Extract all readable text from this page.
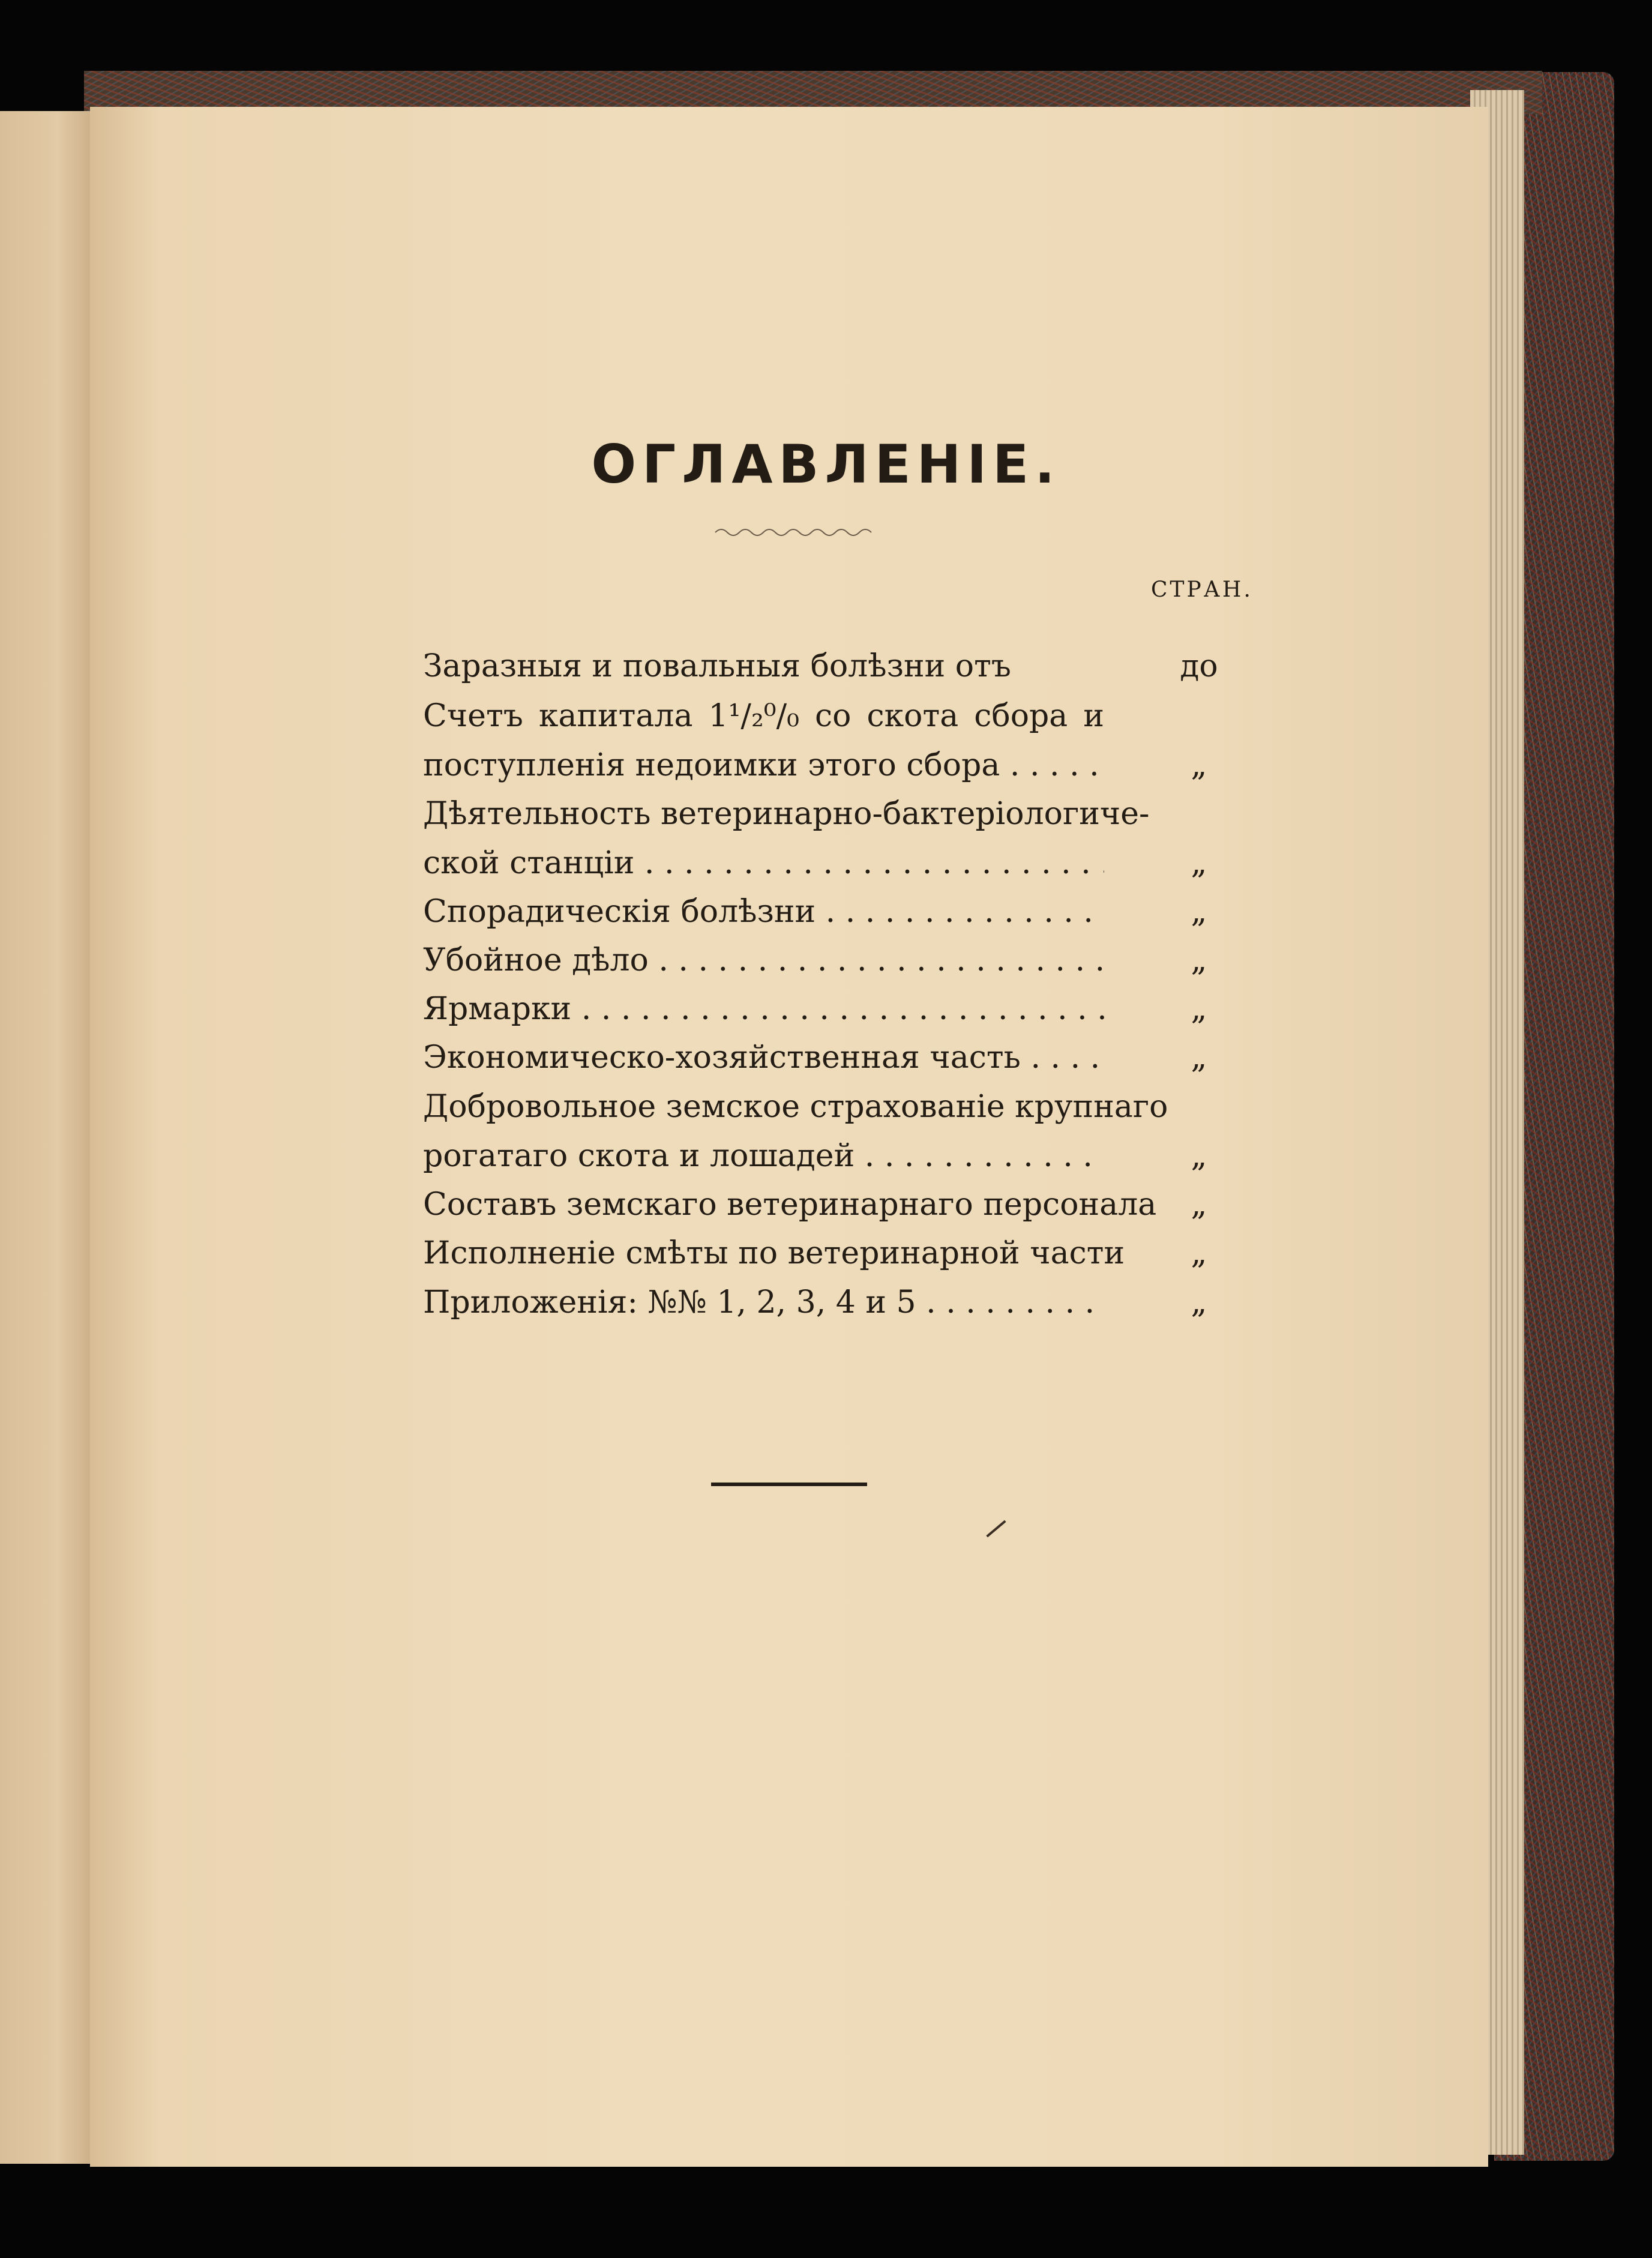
ОГЛАВЛЕНІЕ.
СТРАН.
Заразныя и повальныя болѣзни отъ	до
Счетъ капитала 1¹/₂⁰/₀ со скота сбора и
поступленія недоимки этого сбора . . .	„
Дѣятельность ветеринарно-бактеріологиче-
ской станціи . . .	„
Спорадическія болѣзни . . .	„
Убойное дѣло . . .	„
Ярмарки . . .	„
Экономическо-хозяйственная часть . . .	„
Добровольное земское страхованіе крупнаго
рогатаго скота и лошадей . . .	„
Составъ земскаго ветеринарнаго персонала	„
Исполненіе смѣты по ветеринарной части	„
Приложенія: №№ 1, 2, 3, 4 и 5 . . .	„
